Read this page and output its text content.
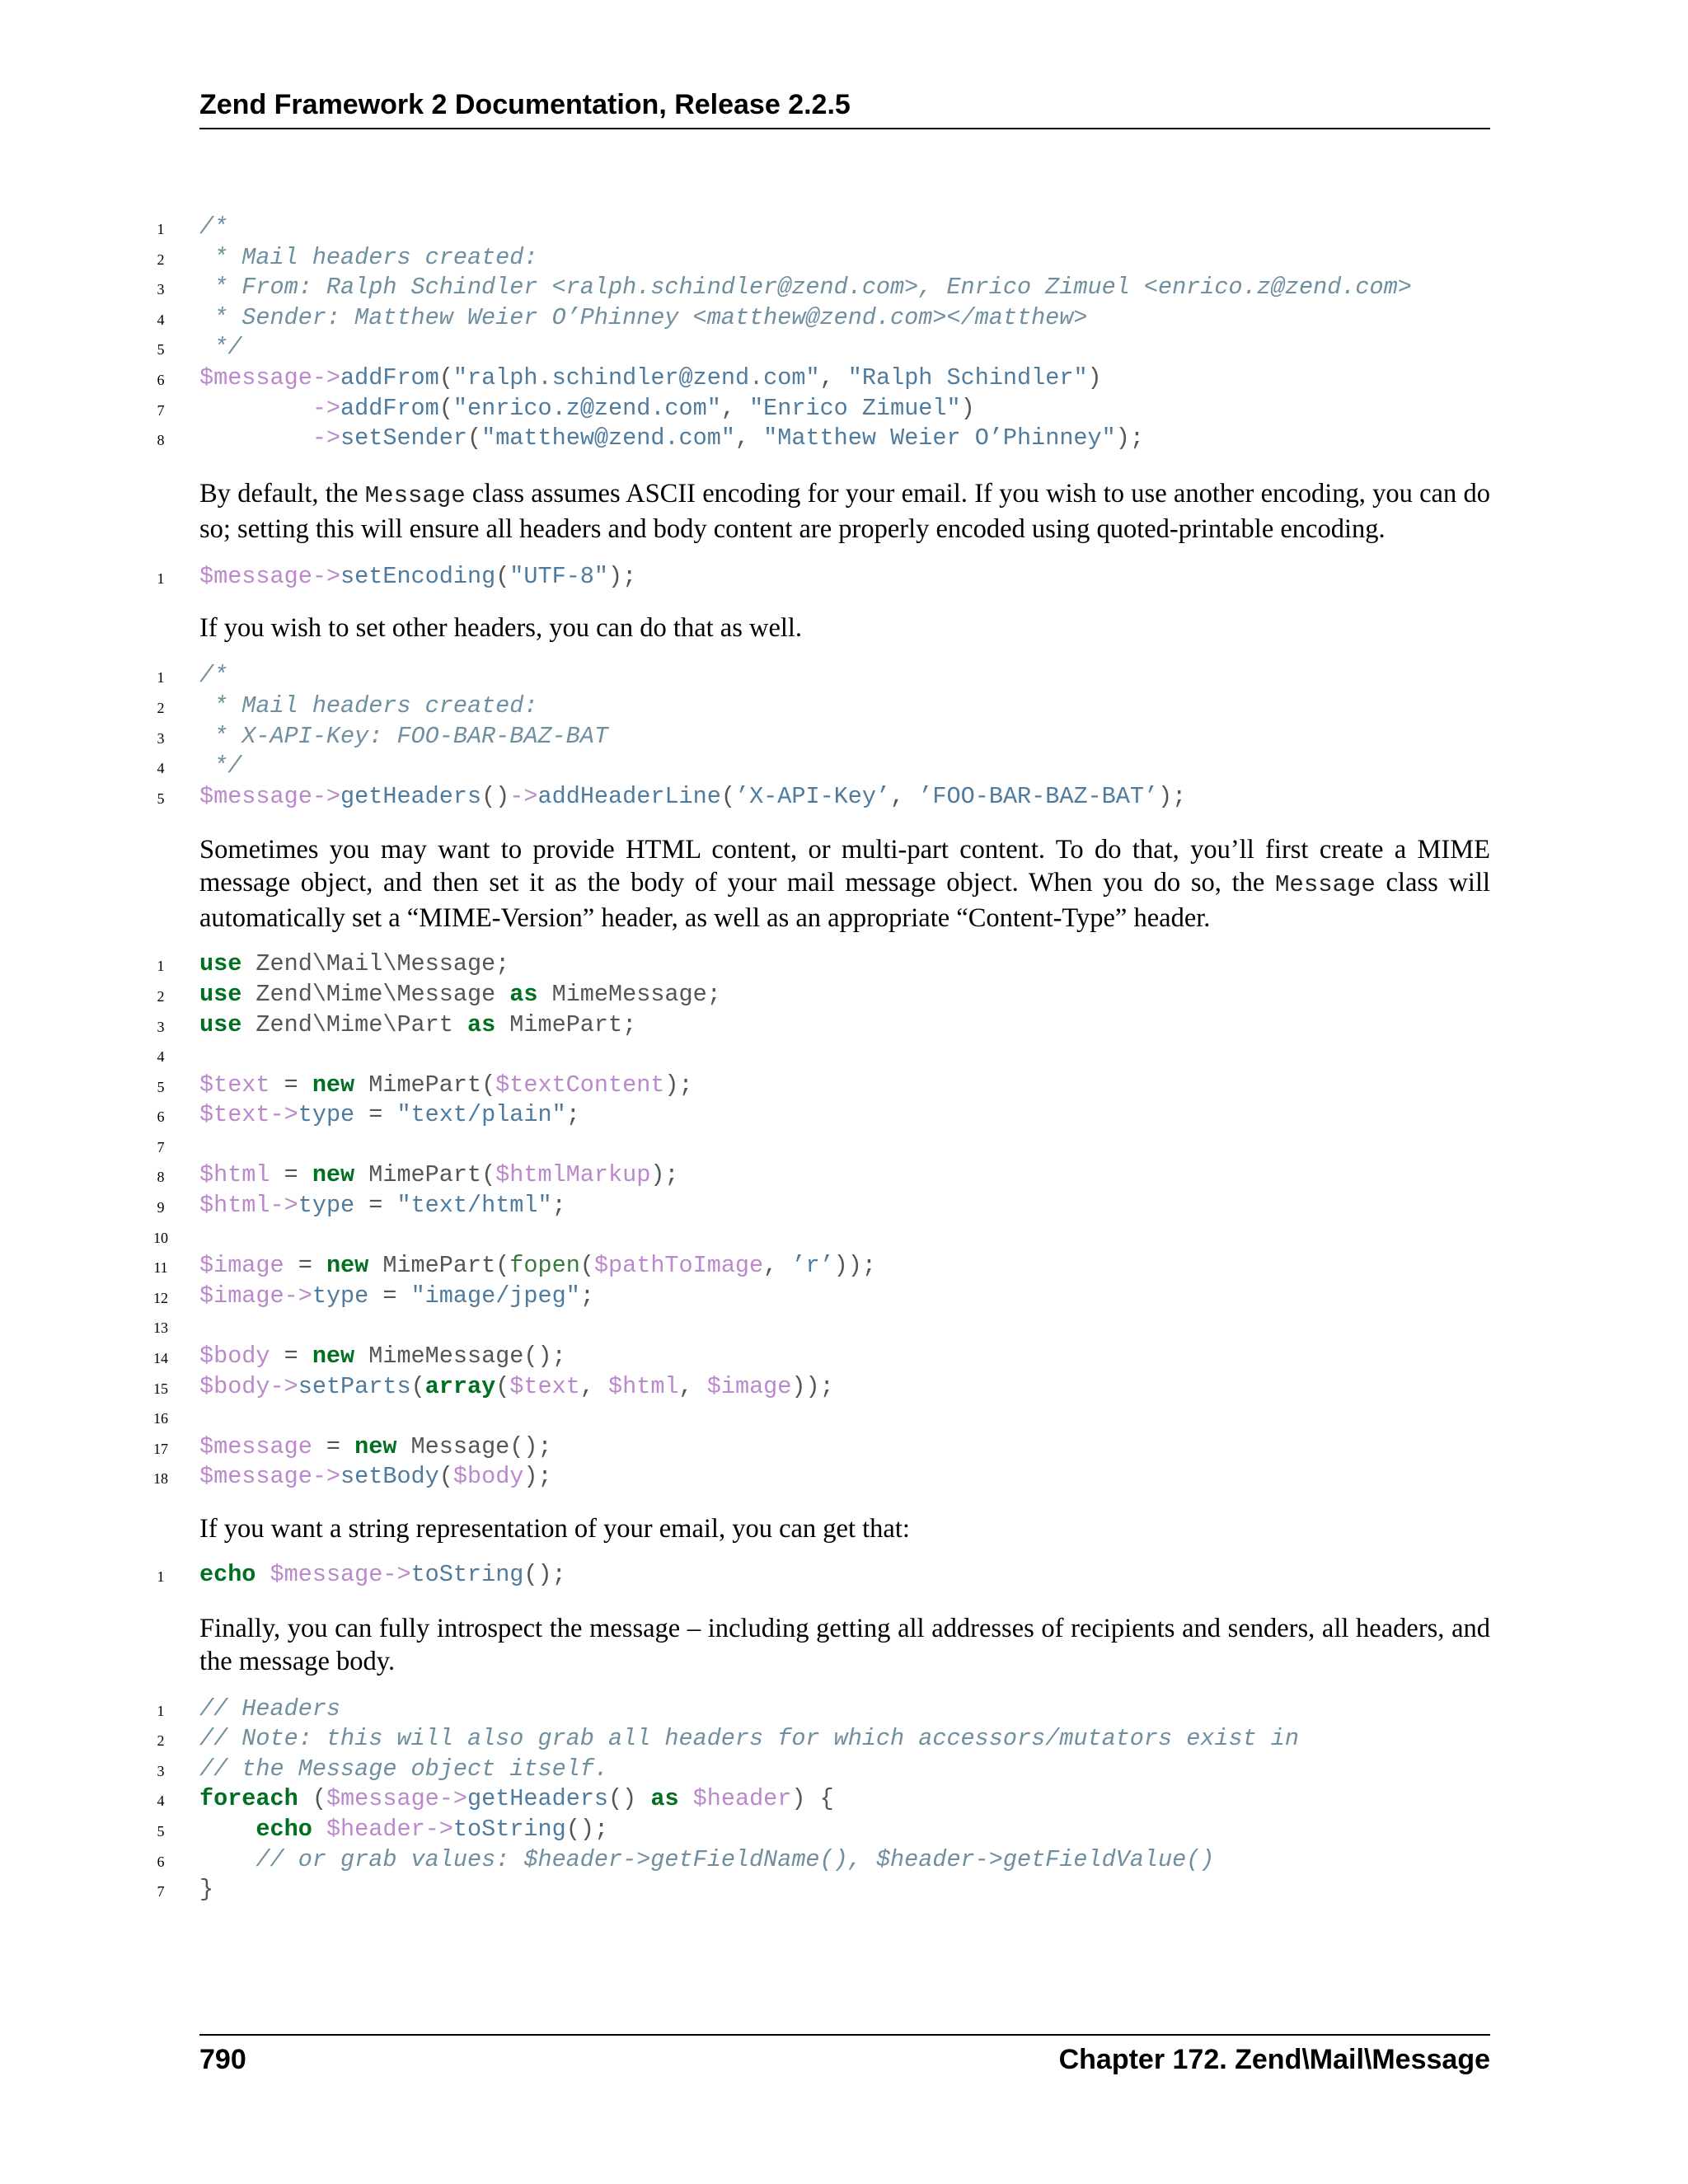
Zend Framework 2 Documentation, Release 2.2.5
1	/*
2	* Mail headers created:
3	* From: Ralph Schindler <ralph.schindler@zend.com>, Enrico Zimuel <enrico.z@zend.com>
4	* Sender: Matthew Weier O’Phinney <matthew@zend.com></matthew>
5	*/
6	$message->addFrom("ralph.schindler@zend.com", "Ralph Schindler")
7	->addFrom("enrico.z@zend.com", "Enrico Zimuel")
8	->setSender("matthew@zend.com", "Matthew Weier O’Phinney");

By default, the Message class assumes ASCII encoding for your email. If you wish to use another encoding, you can do so; setting this will ensure all headers and body content are properly encoded using quoted-printable encoding.

1	$message->setEncoding("UTF-8");

If you wish to set other headers, you can do that as well.

1	/*
2	* Mail headers created:
3	* X-API-Key: FOO-BAR-BAZ-BAT
4	*/
5	$message->getHeaders()->addHeaderLine(’X-API-Key’, ’FOO-BAR-BAZ-BAT’);

Sometimes you may want to provide HTML content, or multi-part content. To do that, you’ll first create a MIME message object, and then set it as the body of your mail message object. When you do so, the Message class will automatically set a “MIME-Version” header, as well as an appropriate “Content-Type” header.

1	use Zend\Mail\Message;
2	use Zend\Mime\Message as MimeMessage;
3	use Zend\Mime\Part as MimePart;
4
5	$text = new MimePart($textContent);
6	$text->type = "text/plain";
7
8	$html = new MimePart($htmlMarkup);
9	$html->type = "text/html";
10
11 $image = new MimePart(fopen($pathToImage, ’r’));
12 $image->type = "image/jpeg";
13
14 $body = new MimeMessage();
15 $body->setParts(array($text, $html, $image));
16
17 $message = new Message();
18 $message->setBody($body);

If you want a string representation of your email, you can get that:

1	echo $message->toString();

Finally, you can fully introspect the message – including getting all addresses of recipients and senders, all headers, and the message body.

1	// Headers
2	// Note: this will also grab all headers for which accessors/mutators exist in
3	// the Message object itself.
4	foreach ($message->getHeaders() as $header) {
5	echo $header->toString();
6	// or grab values: $header->getFieldName(), $header->getFieldValue()
7	}
790	Chapter 172. Zend\Mail\Message
